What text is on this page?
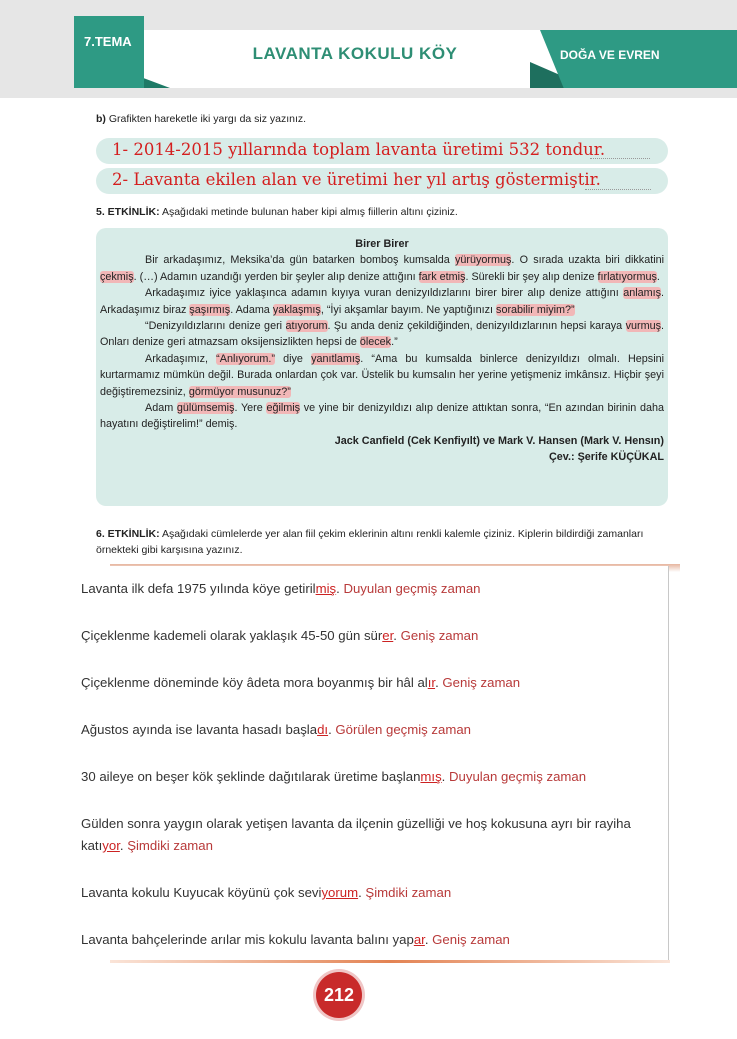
7.TEMA
LAVANTA KOKULU KÖY	DOĞA VE EVREN
b) Grafikten hareketle iki yargı da siz yazınız.
1- 2014-2015 yıllarında toplam lavanta üretimi 532 tondur.
2- Lavanta ekilen alan ve üretimi her yıl artış göstermiştir.
5. ETKİNLİK: Aşağıdaki metinde bulunan haber kipi almış fiillerin altını çiziniz.
Birer Birer

Bir arkadaşımız, Meksika’da gün batarken bomboş kumsalda yürüyormuş. O sırada uzakta biri dikkatini çekmiş. (…) Adamın uzandığı yerden bir şeyler alıp denize attığını fark etmiş. Sürekli bir şey alıp denize fırlatıyormuş.

Arkadaşımız iyice yaklaşınca adamın kıyıya vuran denizyıldızlarını birer birer alıp denize attığını anlamış. Arkadaşımız biraz şaşırmış. Adama yaklaşmış, “İyi akşamlar bayım. Ne yaptığınızı sorabilir miyim?”

“Denizyıldızlarını denize geri atıyorum. Şu anda deniz çekildiğinden, denizyıldızlarının hepsi karaya vurmuş. Onları denize geri atmazsam oksijensizlikten hepsi de ölecek.”

Arkadaşımız, “Anlıyorum.” diye yanıtlamış. “Ama bu kumsalda binlerce denizyıldızı olmalı. Hepsini kurtarmamız mümkün değil. Burada onlardan çok var. Üstelik bu kumsalın her yerine yetişmeniz imkânsız. Hiçbir şeyi değiştiremezsiniz, görmüyor musunuz?”

Adam gülümsemiş. Yere eğilmiş ve yine bir denizyıldızı alıp denize attıktan sonra, “En azından birinin daha hayatını değiştirelim!” demiş.

Jack Canfield (Cek Kenfiyılt) ve Mark V. Hansen (Mark V. Hensın)

Çev.: Şerife KÜÇÜKAL

6. ETKİNLİK: Aşağıdaki cümlelerde yer alan fiil çekim eklerinin altını renkli kalemle çiziniz. Kiplerin bildirdiği zamanları örnekteki gibi karşısına yazınız.
Lavanta ilk defa 1975 yılında köye getirilmiş. Duyulan geçmiş zaman
Çiçeklenme kademeli olarak yaklaşık 45-50 gün sürer. Geniş zaman
Çiçeklenme döneminde köy âdeta mora boyanmış bir hâl alır. Geniş zaman
Ağustos ayında ise lavanta hasadı başladı. Görülen geçmiş zaman
30 aileye on beşer kök şeklinde dağıtılarak üretime başlanmış. Duyulan geçmiş zaman
Gülden sonra yaygın olarak yetişen lavanta da ilçenin güzelliği ve hoş kokusuna ayrı bir rayiha katıyor. Şimdiki zaman
Lavanta kokulu Kuyucak köyünü çok seviyorum. Şimdiki zaman
Lavanta bahçelerinde arılar mis kokulu lavanta balını yapar. Geniş zaman
212
